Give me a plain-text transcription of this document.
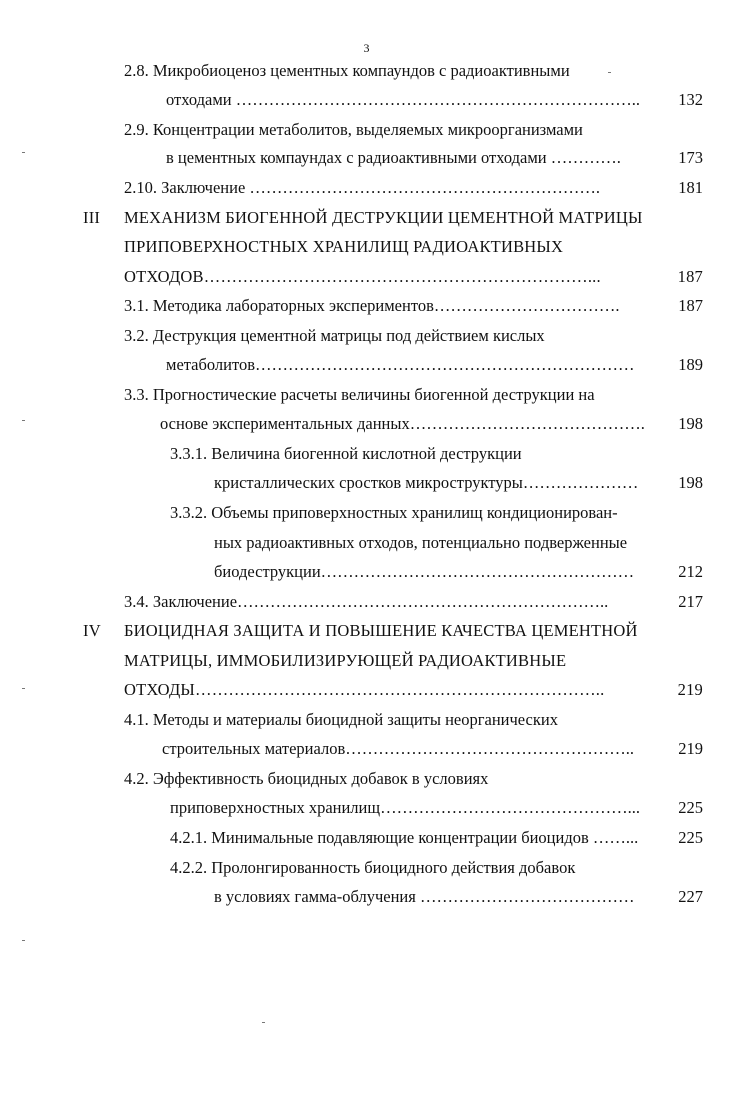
3
2.8. Микробиоценоз цементных компаундов с радиоактивными
отходами ……………………………………………………………….. 132
2.9. Концентрации метаболитов, выделяемых микроорганизмами
в цементных компаундах с радиоактивными отходами ………….	173
2.10. Заключение ……………………………………………………….	181
III МЕХАНИЗМ БИОГЕННОЙ ДЕСТРУКЦИИ ЦЕМЕНТНОЙ МАТРИЦЫ
ПРИПОВЕРХНОСТНЫХ ХРАНИЛИЩ РАДИОАКТИВНЫХ
ОТХОДОВ……………………………………………………………...	187
3.1. Методика лабораторных экспериментов…………………………….	187
3.2. Деструкция цементной матрицы под действием кислых
метаболитов……………………………………………………………	189
3.3. Прогностические расчеты величины биогенной деструкции на
основе экспериментальных данных……………………………………. 198
3.3.1. Величина биогенной кислотной деструкции
кристаллических сростков микроструктуры………………… 198
3.3.2. Объемы приповерхностных хранилищ кондиционирован-
ных радиоактивных отходов, потенциально подверженные
биодеструкции…………………………………………………	212
3.4. Заключение…………………………………………………………..	217
IV БИОЦИДНАЯ ЗАЩИТА И ПОВЫШЕНИЕ КАЧЕСТВА ЦЕМЕНТНОЙ
МАТРИЦЫ, ИММОБИЛИЗИРУЮЩЕЙ РАДИОАКТИВНЫЕ
ОТХОДЫ………………………………………………………………..	219
4.1. Методы и материалы биоцидной защиты неорганических
строительных материалов……………………………………………..	219
4.2. Эффективность биоцидных добавок в условиях
приповерхностных хранилищ………………………………………... 225
4.2.1. Минимальные подавляющие концентрации биоцидов ……... 225
4.2.2. Пролонгированность биоцидного действия добавок
в условиях гамма-облучения …………………………………	227
